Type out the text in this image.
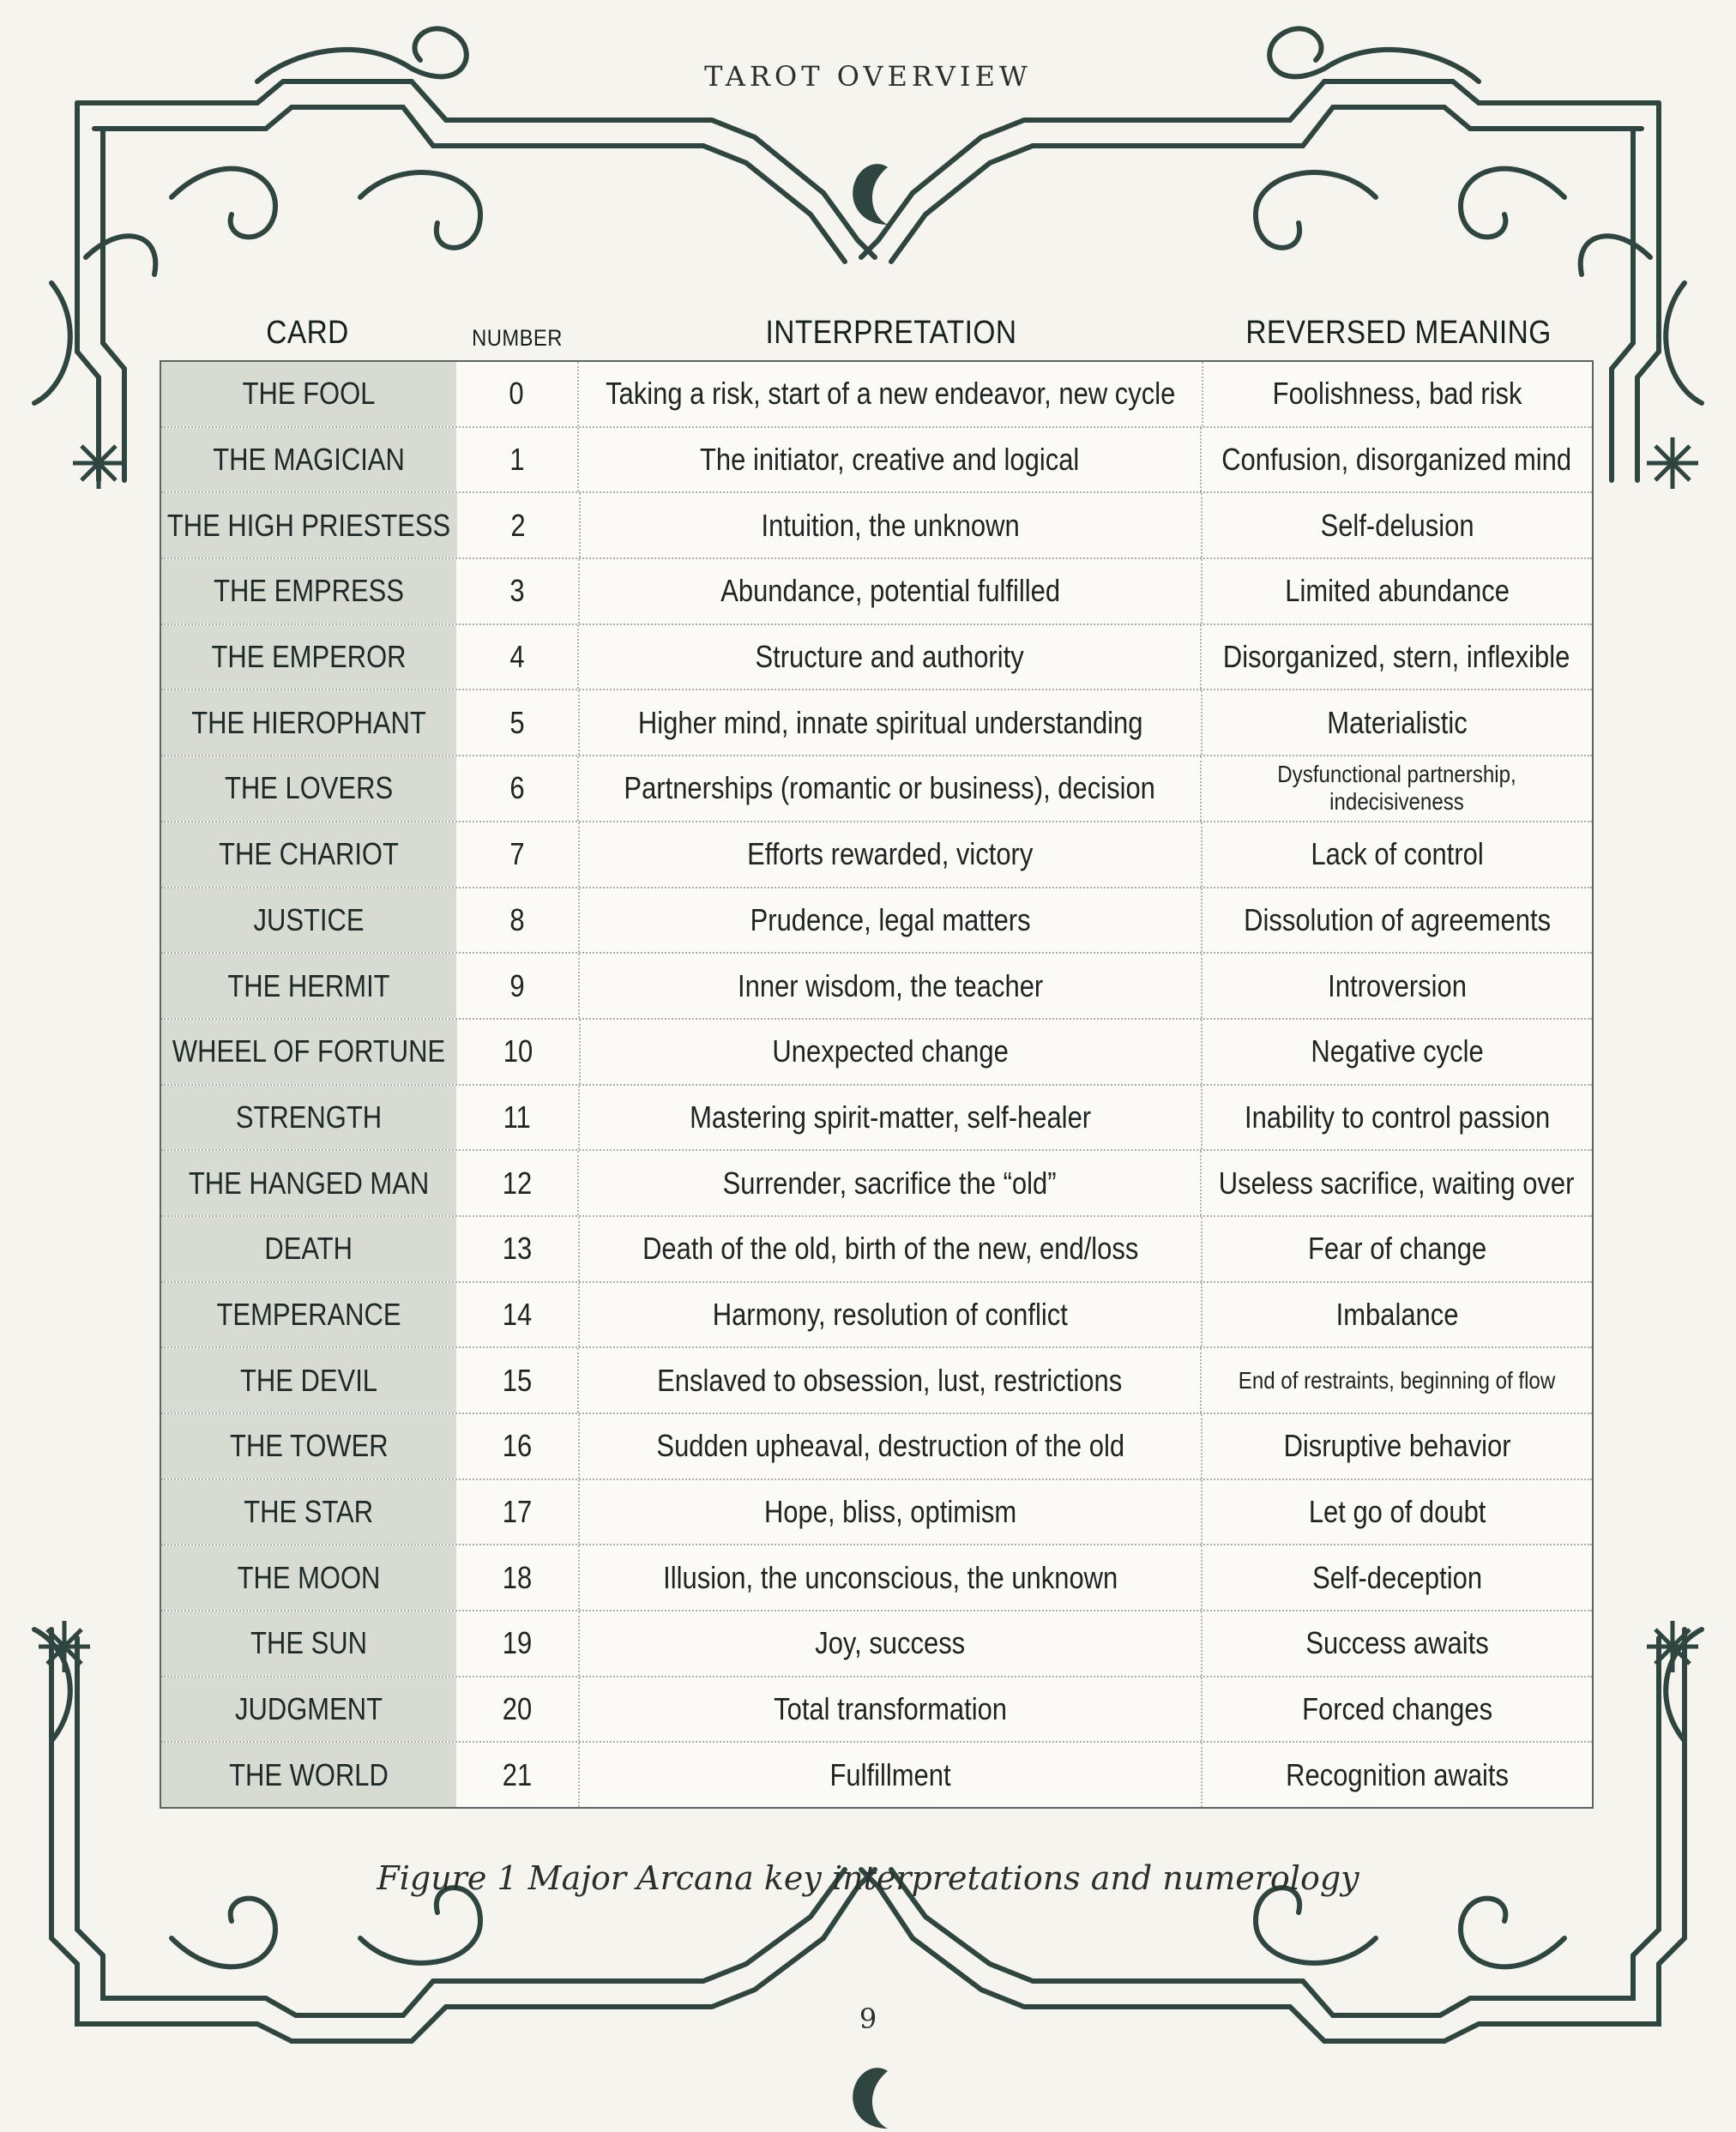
TAROT OVERVIEW
CARD	NUMBER	INTERPRETATION	REVERSED MEANING
THE FOOL	0	Taking a risk, start of a new endeavor, new cycle	Foolishness, bad risk
THE MAGICIAN	1	The initiator, creative and logical	Confusion, disorganized mind
THE HIGH PRIESTESS 2	Intuition, the unknown	Self-delusion
THE EMPRESS	3	Abundance, potential fulfilled	Limited abundance
THE EMPEROR	4	Structure and authority	Disorganized, stern, inflexible
THE HIEROPHANT	5	Higher mind, innate spiritual understanding	Materialistic
THE LOVERS	6	Partnerships (romantic or business), decision	Dysfunctional partnership, indecisiveness
THE CHARIOT	7	Efforts rewarded, victory	Lack of control
JUSTICE	8	Prudence, legal matters	Dissolution of agreements
THE HERMIT	9	Inner wisdom, the teacher	Introversion
WHEEL OF FORTUNE 10	Unexpected change	Negative cycle
STRENGTH	11	Mastering spirit-matter, self-healer	Inability to control passion
THE HANGED MAN 12	Surrender, sacrifice the “old”	Useless sacrifice, waiting over
DEATH	13	Death of the old, birth of the new, end/loss	Fear of change
TEMPERANCE	14	Harmony, resolution of conflict	Imbalance
THE DEVIL	15	Enslaved to obsession, lust, restrictions	End of restraints, beginning of flow
THE TOWER	16	Sudden upheaval, destruction of the old	Disruptive behavior
THE STAR	17	Hope, bliss, optimism	Let go of doubt
THE MOON	18	Illusion, the unconscious, the unknown	Self-deception
THE SUN	19	Joy, success	Success awaits
JUDGMENT	20	Total transformation	Forced changes
THE WORLD	21	Fulfillment	Recognition awaits
Figure 1 Major Arcana key interpretations and numerology
9
